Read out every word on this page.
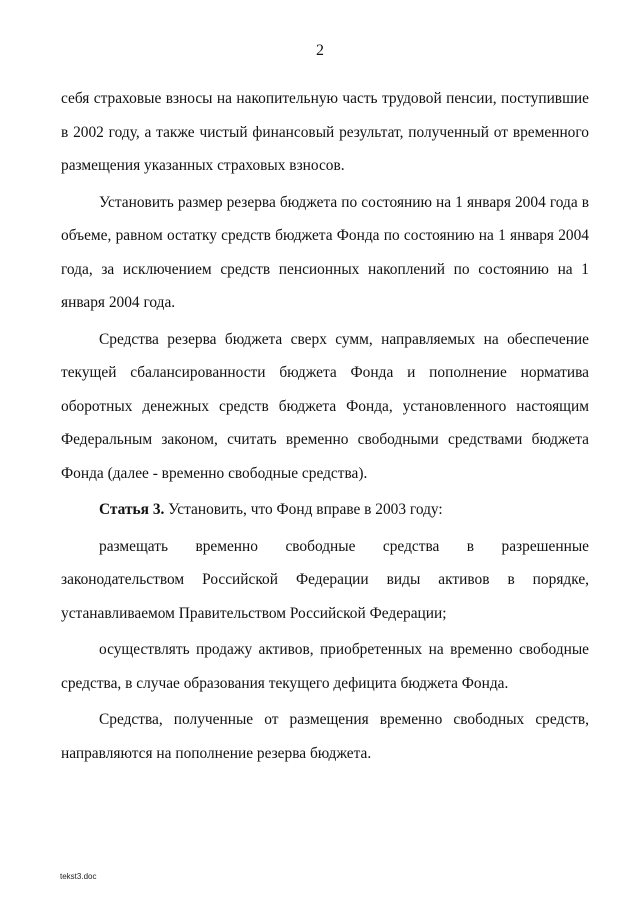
2

себя страховые взносы на накопительную часть трудовой пенсии, поступившие в 2002 году, а также чистый финансовый результат, полученный от временного размещения указанных страховых взносов.

Установить размер резерва бюджета по состоянию на 1 января 2004 года в объеме, равном остатку средств бюджета Фонда по состоянию на 1 января 2004 года, за исключением средств пенсионных накоплений по состоянию на 1 января 2004 года.

Средства резерва бюджета сверх сумм, направляемых на обеспечение текущей сбалансированности бюджета Фонда и пополнение норматива оборотных денежных средств бюджета Фонда, установленного настоящим Федеральным законом, считать временно свободными средствами бюджета Фонда (далее - временно свободные средства).

Статья 3. Установить, что Фонд вправе в 2003 году:

размещать временно свободные средства в разрешенные законодательством Российской Федерации виды активов в порядке, устанавливаемом Правительством Российской Федерации;

осуществлять продажу активов, приобретенных на временно свободные средства, в случае образования текущего дефицита бюджета Фонда.

Средства, полученные от размещения временно свободных средств, направляются на пополнение резерва бюджета.

tekst3.doc
